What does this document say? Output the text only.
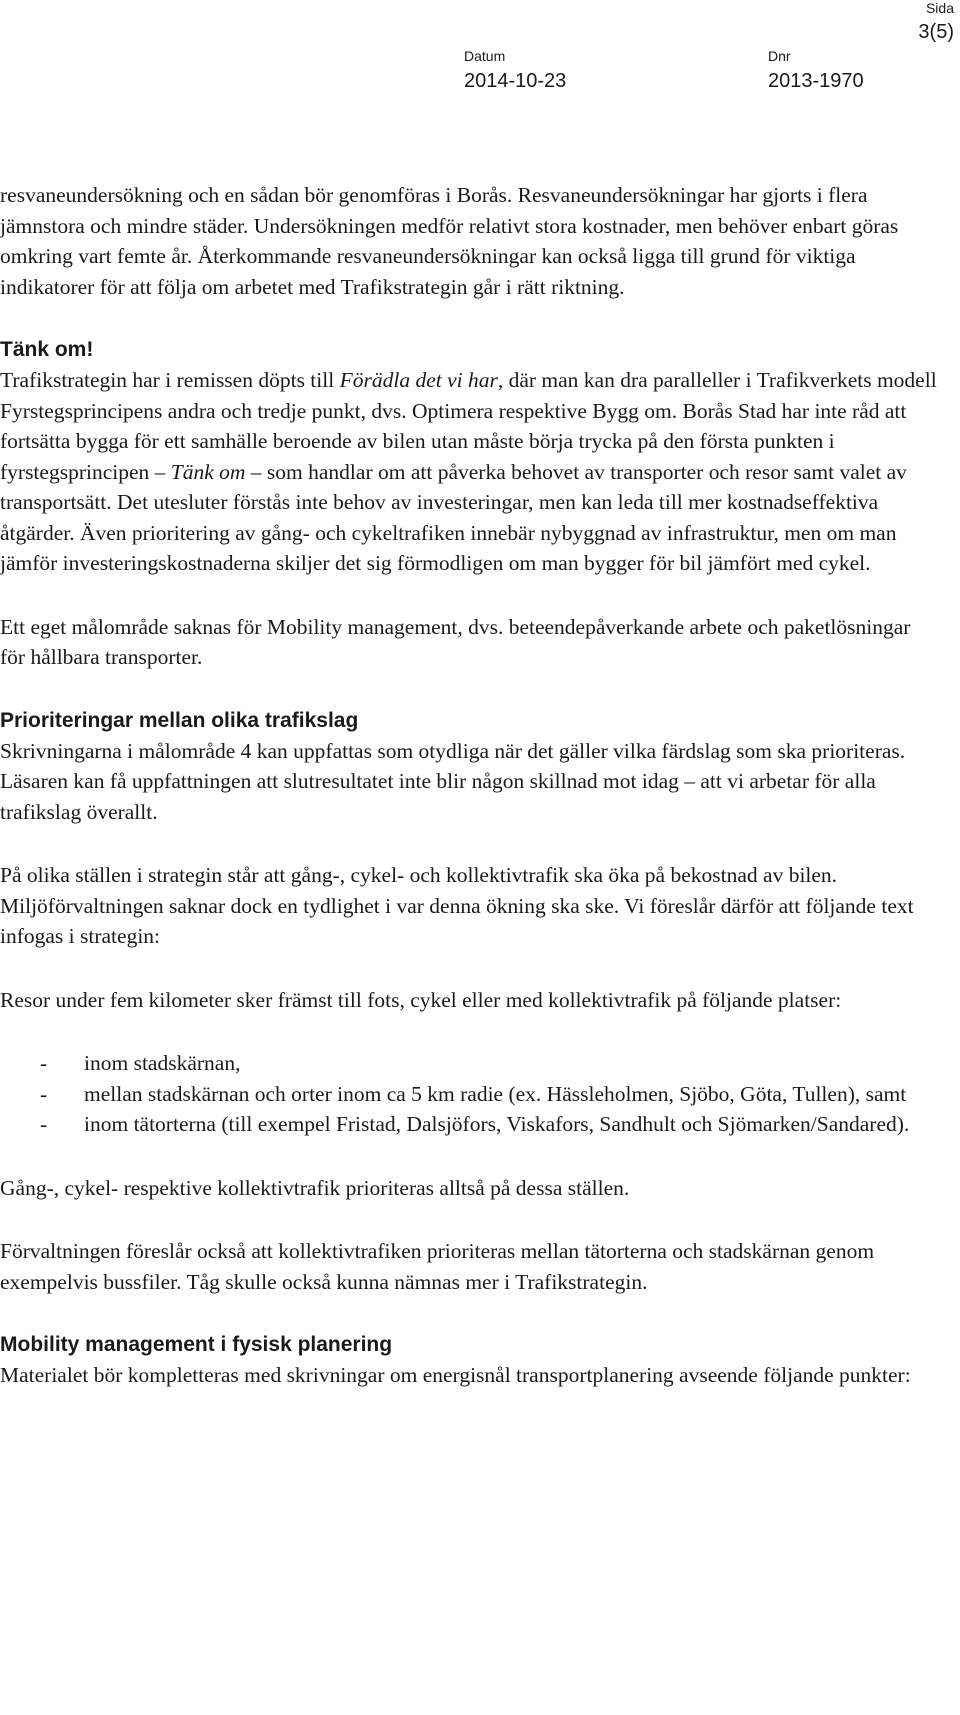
Sida
3(5)
Datum
2014-10-23
Dnr
2013-1970

resvaneundersökning och en sådan bör genomföras i Borås. Resvaneundersökningar har gjorts i flera jämnstora och mindre städer. Undersökningen medför relativt stora kostnader, men behöver enbart göras omkring vart femte år. Återkommande resvaneundersökningar kan också ligga till grund för viktiga indikatorer för att följa om arbetet med Trafikstrategin går i rätt riktning.

Tänk om!

Trafikstrategin har i remissen döpts till Förädla det vi har, där man kan dra paralleller i Trafikverkets modell Fyrstegsprincipens andra och tredje punkt, dvs. Optimera respektive Bygg om. Borås Stad har inte råd att fortsätta bygga för ett samhälle beroende av bilen utan måste börja trycka på den första punkten i fyrstegsprincipen – Tänk om – som handlar om att påverka behovet av transporter och resor samt valet av transportsätt. Det utesluter förstås inte behov av investeringar, men kan leda till mer kostnadseffektiva åtgärder. Även prioritering av gång- och cykeltrafiken innebär nybyggnad av infrastruktur, men om man jämför investeringskostnaderna skiljer det sig förmodligen om man bygger för bil jämfört med cykel.

Ett eget målområde saknas för Mobility management, dvs. beteendepåverkande arbete och paketlösningar för hållbara transporter.

Prioriteringar mellan olika trafikslag

Skrivningarna i målområde 4 kan uppfattas som otydliga när det gäller vilka färdslag som ska prioriteras. Läsaren kan få uppfattningen att slutresultatet inte blir någon skillnad mot idag – att vi arbetar för alla trafikslag överallt.

På olika ställen i strategin står att gång-, cykel- och kollektivtrafik ska öka på bekostnad av bilen. Miljöförvaltningen saknar dock en tydlighet i var denna ökning ska ske. Vi föreslår därför att följande text infogas i strategin:

Resor under fem kilometer sker främst till fots, cykel eller med kollektivtrafik på följande platser:

- inom stadskärnan,
- mellan stadskärnan och orter inom ca 5 km radie (ex. Hässleholmen, Sjöbo, Göta, Tullen), samt
- inom tätorterna (till exempel Fristad, Dalsjöfors, Viskafors, Sandhult och Sjömarken/Sandared).

Gång-, cykel- respektive kollektivtrafik prioriteras alltså på dessa ställen.

Förvaltningen föreslår också att kollektivtrafiken prioriteras mellan tätorterna och stadskärnan genom exempelvis bussfiler. Tåg skulle också kunna nämnas mer i Trafikstrategin.

Mobility management i fysisk planering

Materialet bör kompletteras med skrivningar om energisnål transportplanering avseende följande punkter:
